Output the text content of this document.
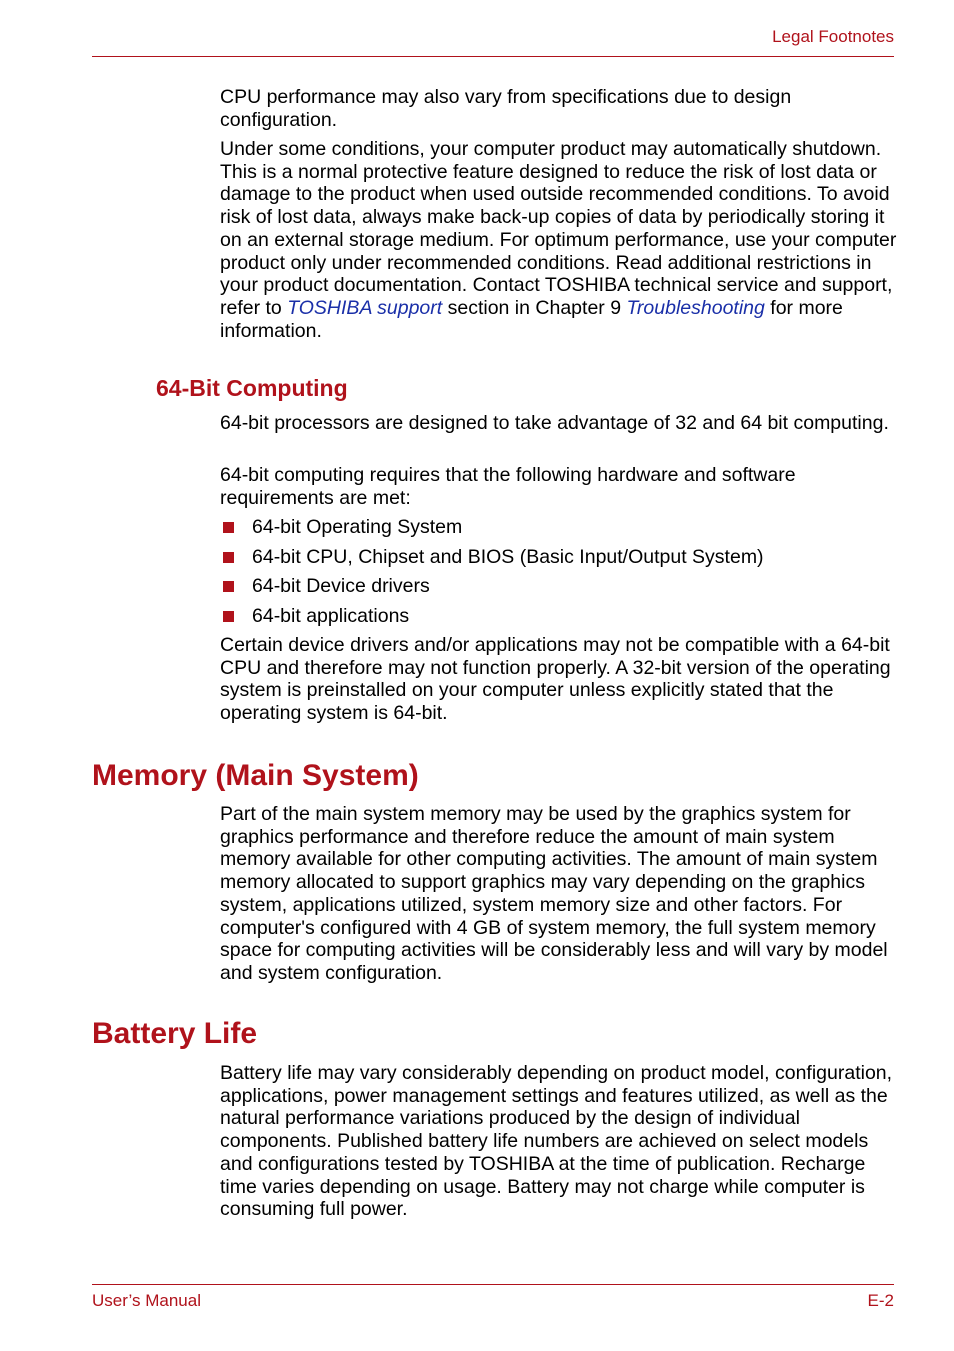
Legal Footnotes

CPU performance may also vary from specifications due to design configuration.

Under some conditions, your computer product may automatically shutdown. This is a normal protective feature designed to reduce the risk of lost data or damage to the product when used outside recommended conditions. To avoid risk of lost data, always make back-up copies of data by periodically storing it on an external storage medium. For optimum performance, use your computer product only under recommended conditions. Read additional restrictions in your product documentation. Contact TOSHIBA technical service and support, refer to TOSHIBA support section in Chapter 9 Troubleshooting for more information.

64-Bit Computing

64-bit processors are designed to take advantage of 32 and 64 bit computing.

64-bit computing requires that the following hardware and software requirements are met:

64-bit Operating System
64-bit CPU, Chipset and BIOS (Basic Input/Output System)
64-bit Device drivers
64-bit applications

Certain device drivers and/or applications may not be compatible with a 64-bit CPU and therefore may not function properly. A 32-bit version of the operating system is preinstalled on your computer unless explicitly stated that the operating system is 64-bit.

Memory (Main System)

Part of the main system memory may be used by the graphics system for graphics performance and therefore reduce the amount of main system memory available for other computing activities. The amount of main system memory allocated to support graphics may vary depending on the graphics system, applications utilized, system memory size and other factors. For computer's configured with 4 GB of system memory, the full system memory space for computing activities will be considerably less and will vary by model and system configuration.

Battery Life

Battery life may vary considerably depending on product model, configuration, applications, power management settings and features utilized, as well as the natural performance variations produced by the design of individual components. Published battery life numbers are achieved on select models and configurations tested by TOSHIBA at the time of publication. Recharge time varies depending on usage. Battery may not charge while computer is consuming full power.

User’s Manual	E-2
